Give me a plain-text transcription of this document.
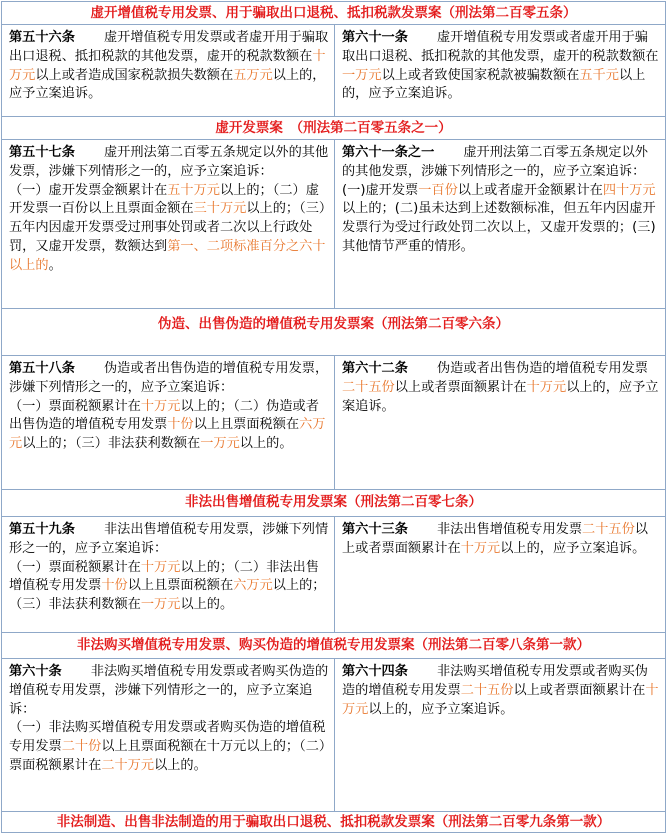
虚开增值税专用发票、用于骗取出口退税、抵扣税款发票案（刑法第二百零五条）
第五十六条 虚开增值税专用发票或者虚开用于骗取出口退税、抵扣税款的其他发票，虚开的税款数额在十万元以上或者造成国家税款损失数额在五万元以上的，应予立案追诉。
第六十一条 虚开增值税专用发票或者虚开用于骗取出口退税、抵扣税款的其他发票，虚开的税款数额在一万元以上或者致使国家税款被骗数额在五千元以上的，应予立案追诉。
虚开发票案　（刑法第二百零五条之一）
第五十七条 虚开刑法第二百零五条规定以外的其他发票，涉嫌下列情形之一的，应予立案追诉：
（一）虚开发票金额累计在五十万元以上的；（二）虚开发票一百份以上且票面金额在三十万元以上的；（三）五年内因虚开发票受过刑事处罚或者二次以上行政处罚，又虚开发票，数额达到第一、二项标准百分之六十以上的。
第六十一条之一 虚开刑法第二百零五条规定以外的其他发票，涉嫌下列情形之一的，应予立案追诉：
(一)虚开发票一百份以上或者虚开金额累计在四十万元以上的；(二)虽未达到上述数额标准，但五年内因虚开发票行为受过行政处罚二次以上，又虚开发票的；(三)其他情节严重的情形。
伪造、出售伪造的增值税专用发票案（刑法第二百零六条）
第五十八条 伪造或者出售伪造的增值税专用发票，涉嫌下列情形之一的，应予立案追诉：
（一）票面税额累计在十万元以上的；（二）伪造或者出售伪造的增值税专用发票十份以上且票面税额在六万元以上的；（三）非法获利数额在一万元以上的。
第六十二条 伪造或者出售伪造的增值税专用发票二十五份以上或者票面额累计在十万元以上的，应予立案追诉。
非法出售增值税专用发票案（刑法第二百零七条）
第五十九条 非法出售增值税专用发票，涉嫌下列情形之一的，应予立案追诉：
（一）票面税额累计在十万元以上的；（二）非法出售增值税专用发票十份以上且票面税额在六万元以上的；（三）非法获利数额在一万元以上的。
第六十三条 非法出售增值税专用发票二十五份以上或者票面额累计在十万元以上的，应予立案追诉。
非法购买增值税专用发票、购买伪造的增值税专用发票案（刑法第二百零八条第一款）
第六十条 非法购买增值税专用发票或者购买伪造的增值税专用发票，涉嫌下列情形之一的，应予立案追诉：
（一）非法购买增值税专用发票或者购买伪造的增值税专用发票二十份以上且票面税额在十万元以上的；（二）票面税额累计在二十万元以上的。
第六十四条 非法购买增值税专用发票或者购买伪造的增值税专用发票二十五份以上或者票面额累计在十万元以上的，应予立案追诉。
非法制造、出售非法制造的用于骗取出口退税、抵扣税款发票案（刑法第二百零九条第一款）
